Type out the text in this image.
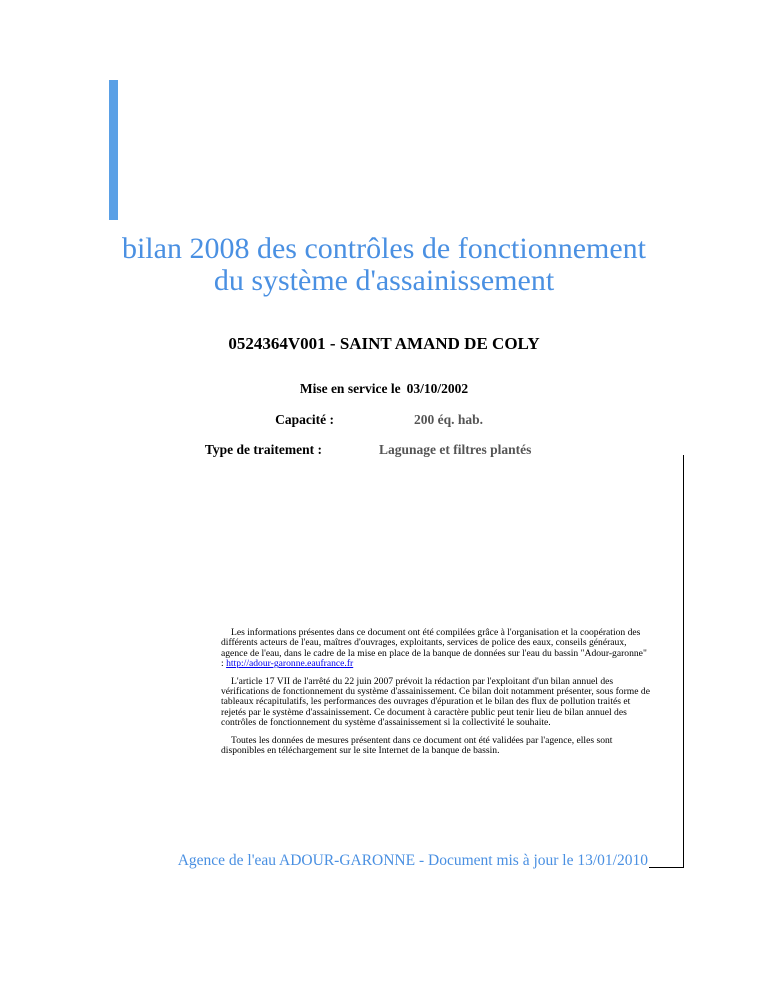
bilan 2008 des contrôles de fonctionnement
du système d'assainissement
0524364V001 - SAINT AMAND DE COLY
Mise en service le 03/10/2002
Capacité :	200 éq. hab.
Type de traitement :	Lagunage et filtres plantés

Les informations présentes dans ce document ont été compilées grâce à l'organisation et la coopération des différents acteurs de l'eau, maîtres d'ouvrages, exploitants, services de police des eaux, conseils généraux, agence de l'eau, dans le cadre de la mise en place de la banque de données sur l'eau du bassin "Adour-garonne" : http://adour-garonne.eaufrance.fr

L'article 17 VII de l'arrêté du 22 juin 2007 prévoit la rédaction par l'exploitant d'un bilan annuel des vérifications de fonctionnement du système d'assainissement. Ce bilan doit notamment présenter, sous forme de tableaux récapitulatifs, les performances des ouvrages d'épuration et le bilan des flux de pollution traités et rejetés par le système d'assainissement. Ce document à caractère public peut tenir lieu de bilan annuel des contrôles de fonctionnement du système d'assainissement si la collectivité le souhaite.

Toutes les données de mesures présentent dans ce document ont été validées par l'agence, elles sont disponibles en téléchargement sur le site Internet de la banque de bassin.

Agence de l'eau ADOUR-GARONNE - Document mis à jour le 13/01/2010
